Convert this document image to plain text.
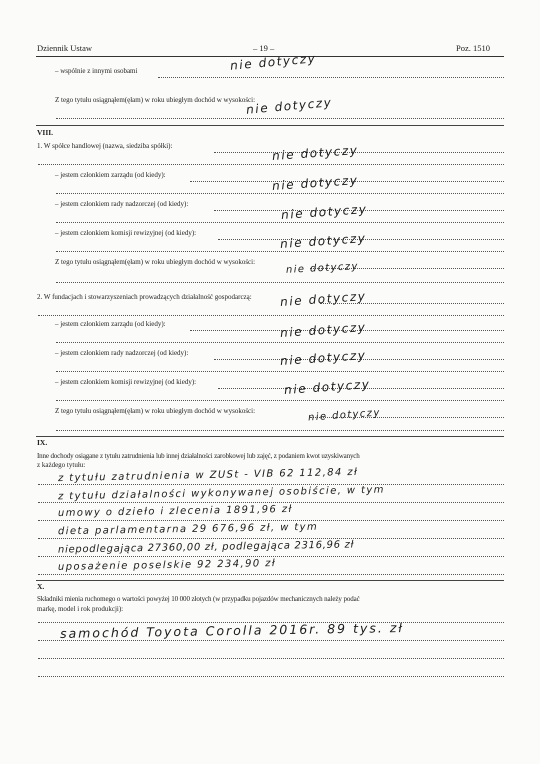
Dziennik Ustaw	– 19 –	Poz. 1510
– wspólnie z innymi osobami	nie dotyczy
Z tego tytułu osiągnąłem(ęłam) w roku ubiegłym dochód w wysokości:
nie dotyczy
VIII.
1. W spółce handlowej (nazwa, siedziba spółki):	nie dotyczy
– jestem członkiem zarządu (od kiedy):	nie dotyczy
– jestem członkiem rady nadzorczej (od kiedy):	nie dotyczy
– jestem członkiem komisji rewizyjnej (od kiedy):	nie dotyczy
Z tego tytułu osiągnąłem(ęłam) w roku ubiegłym dochód w wysokości:	nie dotyczy
2. W fundacjach i stowarzyszeniach prowadzących działalność gospodarczą: nie dotyczy
– jestem członkiem zarządu (od kiedy):	nie dotyczy
– jestem członkiem rady nadzorczej (od kiedy):	nie dotyczy
– jestem członkiem komisji rewizyjnej (od kiedy):	nie dotyczy
Z tego tytułu osiągnąłem(ęłam) w roku ubiegłym dochód w wysokości:	nie dotyczy
IX.
Inne dochody osiągane z tytułu zatrudnienia lub innej działalności zarobkowej lub zajęć, z podaniem kwot uzyskiwanych
z każdego tytułu:
z tytułu zatrudnienia w ZUSt - VIB 62 112,84 zł
z tytułu działalności wykonywanej osobiście, w tym
umowy o dzieło i zlecenia 1891,96 zł
dieta parlamentarna 29 676,96 zł, w tym
niepodlegająca 27360,00 zł, podlegająca 2316,96 zł
uposażenie poselskie 92 234,90 zł
X.
Składniki mienia ruchomego o wartości powyżej 10 000 złotych (w przypadku pojazdów mechanicznych należy podać
markę, model i rok produkcji):
samochód Toyota Corolla 2016r. 89 tys. zł
